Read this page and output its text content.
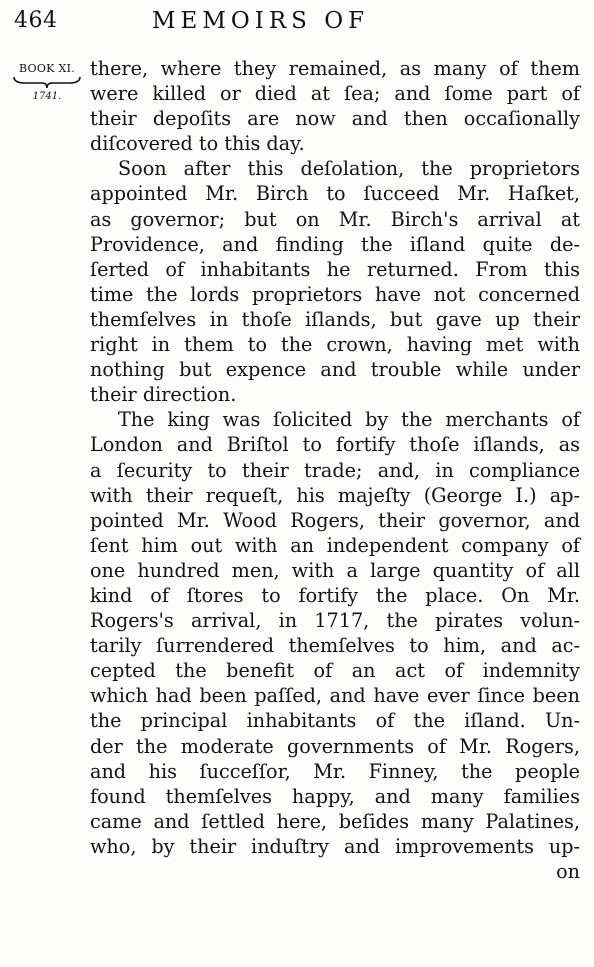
464	MEMOIRS OF
BOOK XI.
1741.
there, where they remained, as many of them
were killed or died at ſea; and ſome part of
their depoſits are now and then occaſionally
diſcovered to this day.
Soon after this deſolation, the proprietors
appointed Mr. Birch to ſucceed Mr. Haſket,
as governor; but on Mr. Birch's arrival at
Providence, and finding the iſland quite de-
ſerted of inhabitants he returned. From this
time the lords proprietors have not concerned
themſelves in thoſe iſlands, but gave up their
right in them to the crown, having met with
nothing but expence and trouble while under
their direction.
The king was ſolicited by the merchants of
London and Briſtol to fortify thoſe iſlands, as
a ſecurity to their trade; and, in compliance
with their requeſt, his majeſty (George I.) ap-
pointed Mr. Wood Rogers, their governor, and
ſent him out with an independent company of
one hundred men, with a large quantity of all
kind of ſtores to fortify the place. On Mr.
Rogers's arrival, in 1717, the pirates volun-
tarily ſurrendered themſelves to him, and ac-
cepted the benefit of an act of indemnity
which had been paſſed, and have ever ſince been
the principal inhabitants of the iſland. Un-
der the moderate governments of Mr. Rogers,
and his ſucceſſor, Mr. Finney, the people
found themſelves happy, and many families
came and ſettled here, beſides many Palatines,
who, by their induſtry and improvements up-
on
